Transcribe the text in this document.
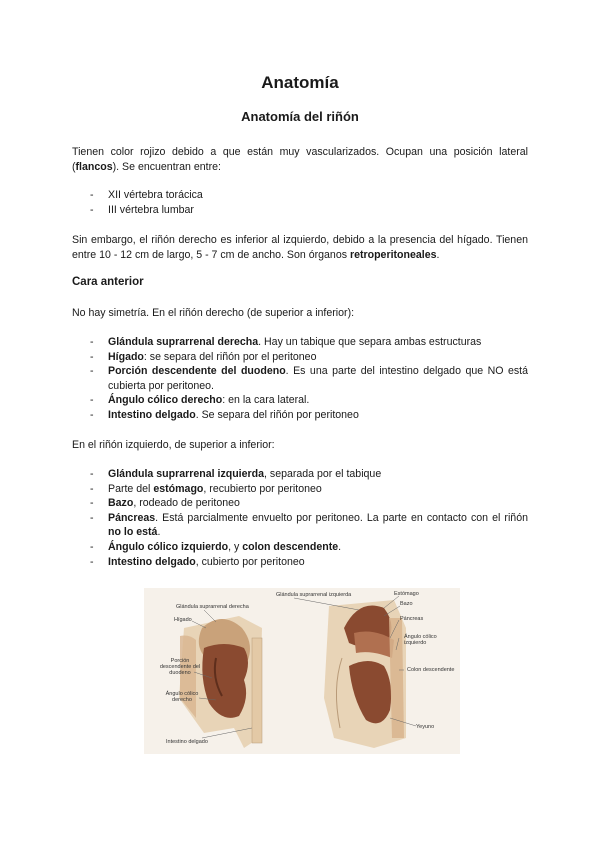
Anatomía
Anatomía del riñón

Tienen color rojizo debido a que están muy vascularizados. Ocupan una posición lateral (flancos). Se encuentran entre:

- XII vértebra torácica
- III vértebra lumbar

Sin embargo, el riñón derecho es inferior al izquierdo, debido a la presencia del hígado. Tienen entre 10 - 12 cm de largo, 5 - 7 cm de ancho. Son órganos retroperitoneales.

Cara anterior

No hay simetría. En el riñón derecho (de superior a inferior):

- Glándula suprarrenal derecha. Hay un tabique que separa ambas estructuras
- Hígado: se separa del riñón por el peritoneo
- Porción descendente del duodeno. Es una parte del intestino delgado que NO está cubierta por peritoneo.
- Ángulo cólico derecho: en la cara lateral.
- Intestino delgado. Se separa del riñón por peritoneo

En el riñón izquierdo, de superior a inferior:

- Glándula suprarrenal izquierda, separada por el tabique
- Parte del estómago, recubierto por peritoneo
- Bazo, rodeado de peritoneo
- Páncreas. Está parcialmente envuelto por peritoneo. La parte en contacto con el riñón no lo está.
- Ángulo cólico izquierdo, y colon descendente.
- Intestino delgado, cubierto por peritoneo
Glándula suprarrenal derecha
Hígado
Porción descendente del duodeno
Ángulo cólico derecho
Intestino delgado
Glándula suprarrenal izquierda	Estómago
Bazo
Páncreas
Ángulo cólico izquierdo
Colon descendente
Yeyuno
